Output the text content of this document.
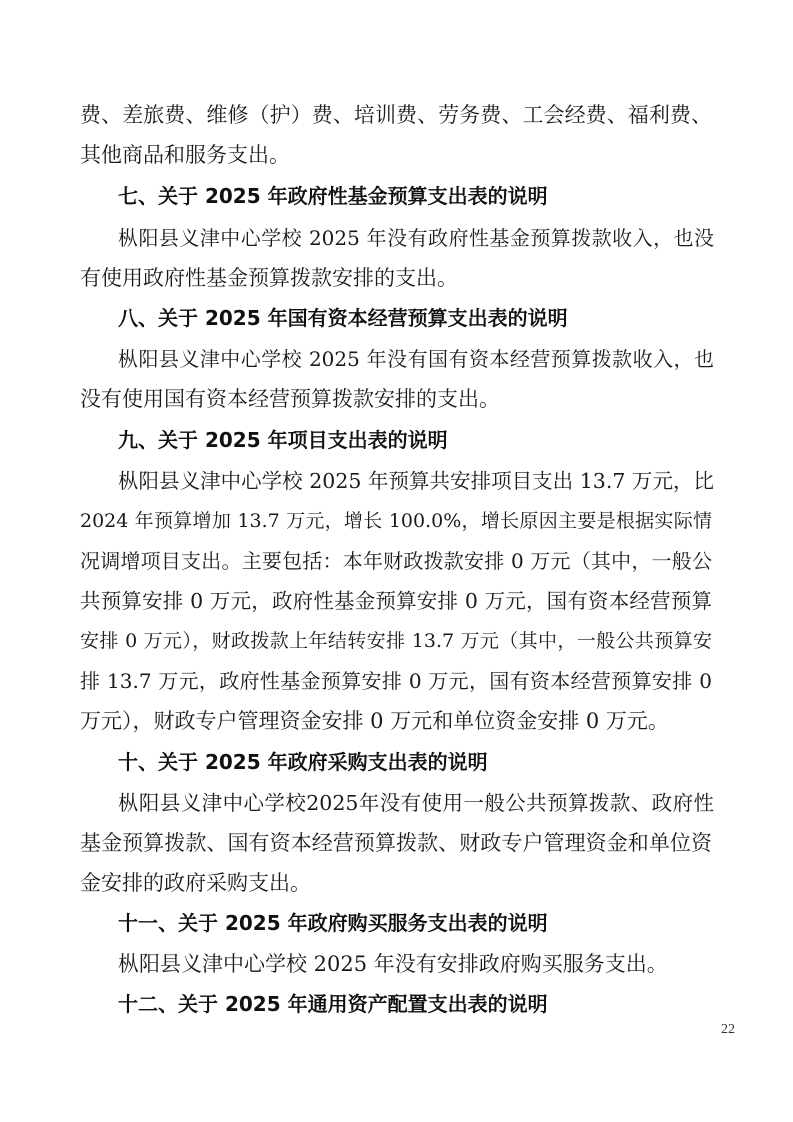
费、差旅费、维修（护）费、培训费、劳务费、工会经费、福利费、
其他商品和服务支出。
七、关于 2025 年政府性基金预算支出表的说明
枞阳县义津中心学校 2025 年没有政府性基金预算拨款收入，也没
有使用政府性基金预算拨款安排的支出。
八、关于 2025 年国有资本经营预算支出表的说明
枞阳县义津中心学校 2025 年没有国有资本经营预算拨款收入，也
没有使用国有资本经营预算拨款安排的支出。
九、关于 2025 年项目支出表的说明
枞阳县义津中心学校 2025 年预算共安排项目支出 13.7 万元，比
2024 年预算增加 13.7 万元，增长 100.0%，增长原因主要是根据实际情
况调增项目支出。主要包括：本年财政拨款安排 0 万元（其中，一般公
共预算安排 0 万元，政府性基金预算安排 0 万元，国有资本经营预算
安排 0 万元），财政拨款上年结转安排 13.7 万元（其中，一般公共预算安
排 13.7 万元，政府性基金预算安排 0 万元，国有资本经营预算安排 0
万元），财政专户管理资金安排 0 万元和单位资金安排 0 万元。
十、关于 2025 年政府采购支出表的说明
枞阳县义津中心学校2025年没有使用一般公共预算拨款、政府性
基金预算拨款、国有资本经营预算拨款、财政专户管理资金和单位资
金安排的政府采购支出。
十一、关于 2025 年政府购买服务支出表的说明
枞阳县义津中心学校 2025 年没有安排政府购买服务支出。
十二、关于 2025 年通用资产配置支出表的说明
22
